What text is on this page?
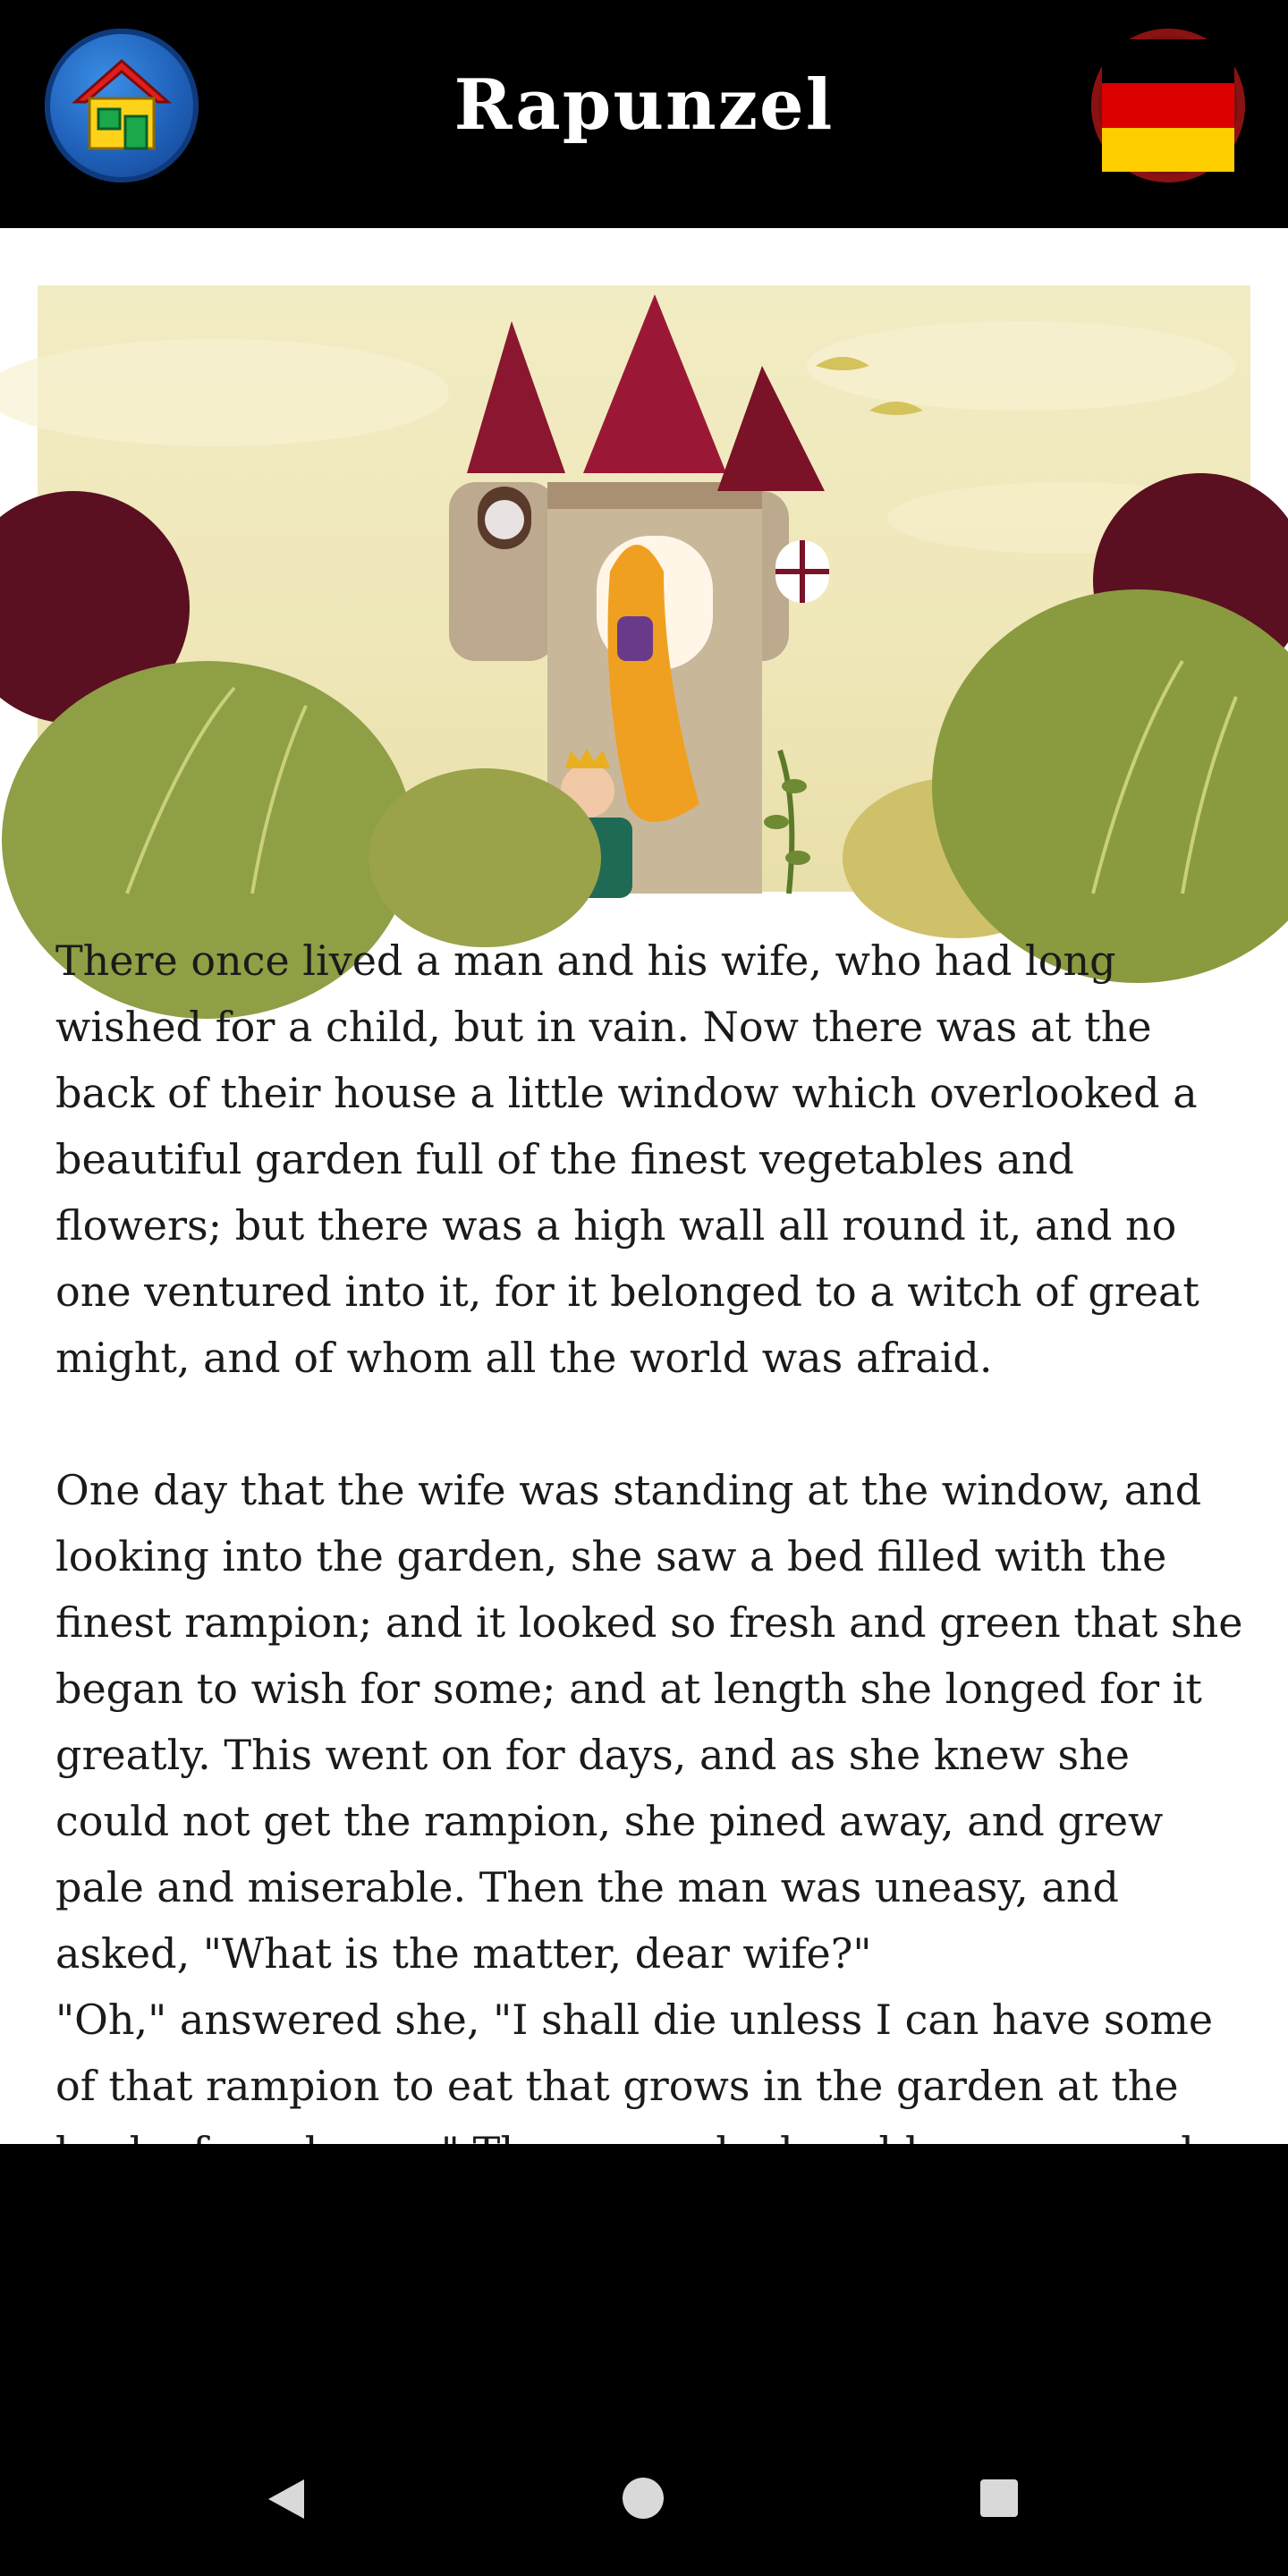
Rapunzel

There once lived a man and his wife, who had long wished for a child, but in vain. Now there was at the back of their house a little window which overlooked a beautiful garden full of the finest vegetables and flowers; but there was a high wall all round it, and no one ventured into it, for it belonged to a witch of great might, and of whom all the world was afraid.

One day that the wife was standing at the window, and looking into the garden, she saw a bed filled with the finest rampion; and it looked so fresh and green that she began to wish for some; and at length she longed for it greatly. This went on for days, and as she knew she could not get the rampion, she pined away, and grew pale and miserable. Then the man was uneasy, and asked, "What is the matter, dear wife?"

"Oh," answered she, "I shall die unless I can have some of that rampion to eat that grows in the garden at the
